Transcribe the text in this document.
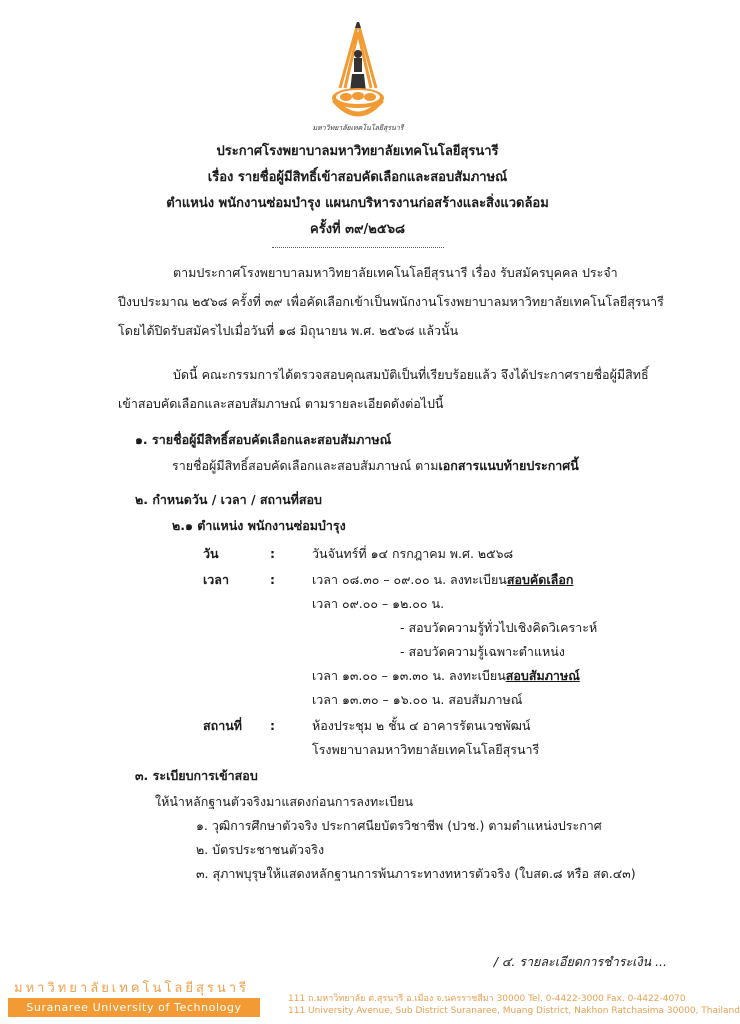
มหาวิทยาลัยเทคโนโลยีสุรนารี
ประกาศโรงพยาบาลมหาวิทยาลัยเทคโนโลยีสุรนารี
เรื่อง รายชื่อผู้มีสิทธิ์เข้าสอบคัดเลือกและสอบสัมภาษณ์
ตำแหน่ง พนักงานซ่อมบำรุง แผนกบริหารงานก่อสร้างและสิ่งแวดล้อม
ครั้งที่ ๓๙/๒๕๖๘
ตามประกาศโรงพยาบาลมหาวิทยาลัยเทคโนโลยีสุรนารี เรื่อง รับสมัครบุคคล ประจำปีงบประมาณ ๒๕๖๘ ครั้งที่ ๓๙ เพื่อคัดเลือกเข้าเป็นพนักงานโรงพยาบาลมหาวิทยาลัยเทคโนโลยีสุรนารี โดยได้ปิดรับสมัครไปเมื่อวันที่ ๑๘ มิถุนายน พ.ศ. ๒๕๖๘ แล้วนั้น
บัดนี้ คณะกรรมการได้ตรวจสอบคุณสมบัติเป็นที่เรียบร้อยแล้ว จึงได้ประกาศรายชื่อผู้มีสิทธิ์เข้าสอบคัดเลือกและสอบสัมภาษณ์ ตามรายละเอียดดังต่อไปนี้
๑. รายชื่อผู้มีสิทธิ์สอบคัดเลือกและสอบสัมภาษณ์
รายชื่อผู้มีสิทธิ์สอบคัดเลือกและสอบสัมภาษณ์ ตามเอกสารแนบท้ายประกาศนี้
๒. กำหนดวัน / เวลา / สถานที่สอบ
๒.๑ ตำแหน่ง พนักงานซ่อมบำรุง
วัน	:	วันจันทร์ที่ ๑๔ กรกฎาคม พ.ศ. ๒๕๖๘
เวลา	:	เวลา ๐๘.๓๐ – ๐๙.๐๐ น. ลงทะเบียนสอบคัดเลือก
เวลา ๐๙.๐๐ – ๑๒.๐๐ น.
- สอบวัดความรู้ทั่วไปเชิงคิดวิเคราะห์
- สอบวัดความรู้เฉพาะตำแหน่ง
เวลา ๑๓.๐๐ – ๑๓.๓๐ น. ลงทะเบียนสอบสัมภาษณ์
เวลา ๑๓.๓๐ – ๑๖.๐๐ น. สอบสัมภาษณ์
สถานที่ :	ห้องประชุม ๒ ชั้น ๔ อาคารรัตนเวชพัฒน์
โรงพยาบาลมหาวิทยาลัยเทคโนโลยีสุรนารี
๓. ระเบียบการเข้าสอบ
ให้นำหลักฐานตัวจริงมาแสดงก่อนการลงทะเบียน
๑. วุฒิการศึกษาตัวจริง ประกาศนียบัตรวิชาชีพ (ปวช.) ตามตำแหน่งประกาศ
๒. บัตรประชาชนตัวจริง
๓. สุภาพบุรุษให้แสดงหลักฐานการพ้นภาระทางทหารตัวจริง (ใบสด.๘ หรือ สด.๔๓)
/ ๔. รายละเอียดการชำระเงิน ...
มหาวิทยาลัยเทคโนโลยีสุรนารี
Suranaree University of Technology
111 ถ.มหาวิทยาลัย ต.สุรนารี อ.เมือง จ.นครราชสีมา 30000 Tel. 0-4422-3000 Fax. 0-4422-4070
111 University Avenue, Sub District Suranaree, Muang District, Nakhon Ratchasima 30000, Thailand
